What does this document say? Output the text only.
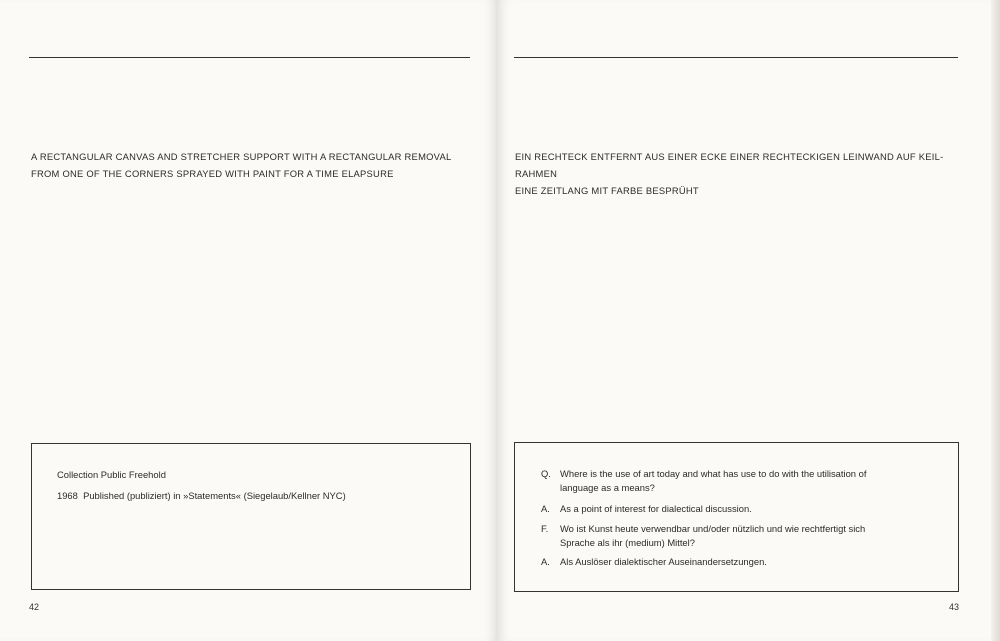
A RECTANGULAR CANVAS AND STRETCHER SUPPORT WITH A RECTANGULAR REMOVAL
FROM ONE OF THE CORNERS SPRAYED WITH PAINT FOR A TIME ELAPSURE

Collection Public Freehold

1968  Published (publiziert) in »Statements« (Siegelaub/Kellner NYC)

42

EIN RECHTECK ENTFERNT AUS EINER ECKE EINER RECHTECKIGEN LEINWAND AUF KEIL-
RAHMEN
EINE ZEITLANG MIT FARBE BESPRÜHT
Q. Where is the use of art today and what has use to do with the utilisation of
language as a means?
A.	As a point of interest for dialectical discussion.
F.	Wo ist Kunst heute verwendbar und/oder nützlich und wie rechtfertigt sich
Sprache als ihr (medium) Mittel?
A.	Als Auslöser dialektischer Auseinandersetzungen.

43
